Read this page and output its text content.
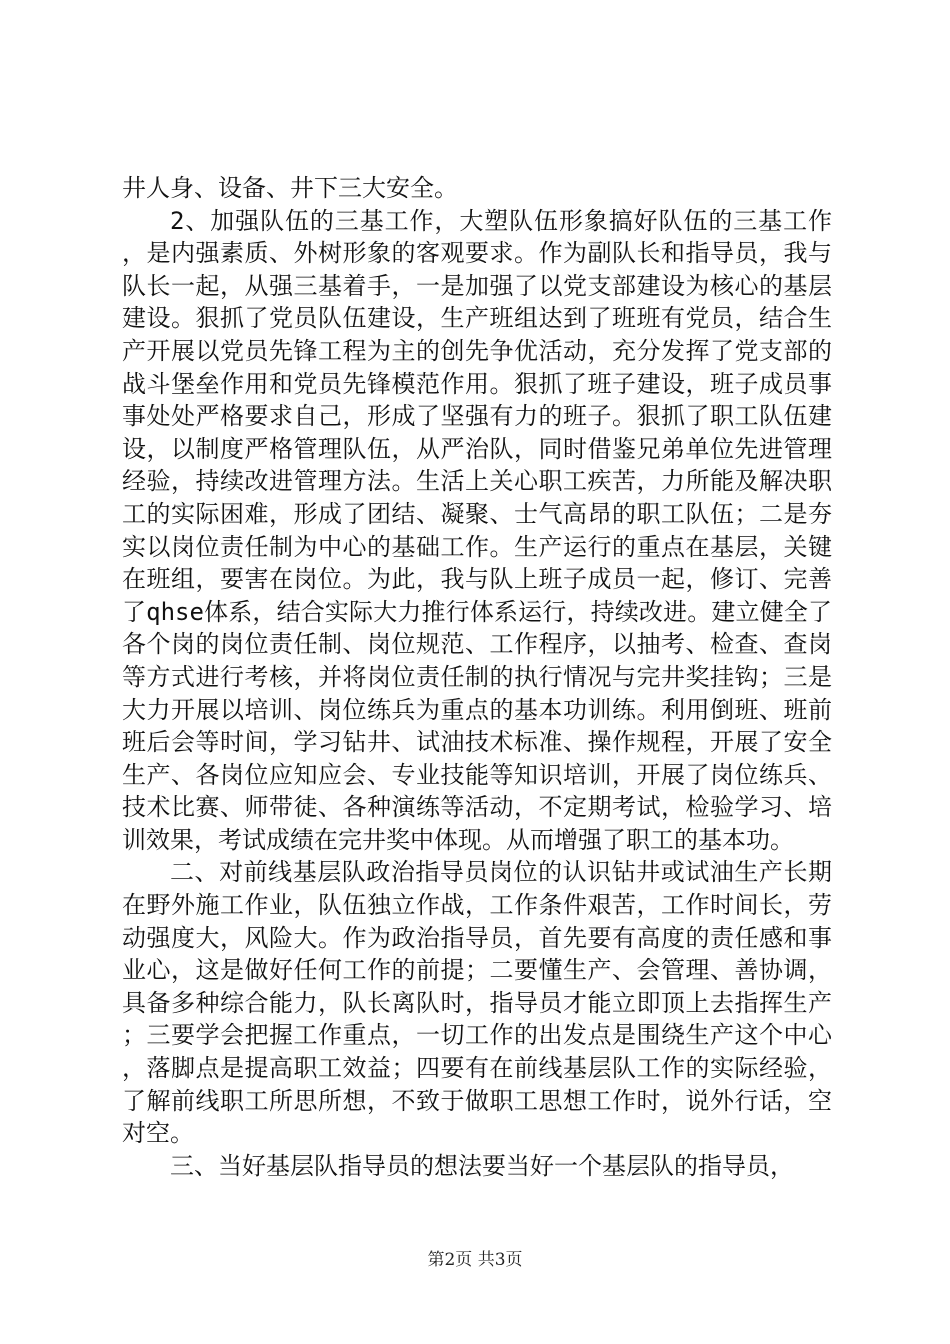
井人身、设备、井下三大安全。

2、加强队伍的三基工作，大塑队伍形象搞好队伍的三基工作，是内强素质、外树形象的客观要求。作为副队长和指导员，我与队长一起，从强三基着手，一是加强了以党支部建设为核心的基层建设。狠抓了党员队伍建设，生产班组达到了班班有党员，结合生产开展以党员先锋工程为主的创先争优活动，充分发挥了党支部的战斗堡垒作用和党员先锋模范作用。狠抓了班子建设，班子成员事事处处严格要求自己，形成了坚强有力的班子。狠抓了职工队伍建设，以制度严格管理队伍，从严治队，同时借鉴兄弟单位先进管理经验，持续改进管理方法。生活上关心职工疾苦，力所能及解决职工的实际困难，形成了团结、凝聚、士气高昂的职工队伍；二是夯实以岗位责任制为中心的基础工作。生产运行的重点在基层，关键在班组，要害在岗位。为此，我与队上班子成员一起，修订、完善了qhse体系，结合实际大力推行体系运行，持续改进。建立健全了各个岗的岗位责任制、岗位规范、工作程序，以抽考、检查、查岗等方式进行考核，并将岗位责任制的执行情况与完井奖挂钩；三是大力开展以培训、岗位练兵为重点的基本功训练。利用倒班、班前班后会等时间，学习钻井、试油技术标准、操作规程，开展了安全生产、各岗位应知应会、专业技能等知识培训，开展了岗位练兵、技术比赛、师带徒、各种演练等活动，不定期考试，检验学习、培训效果，考试成绩在完井奖中体现。从而增强了职工的基本功。

二、对前线基层队政治指导员岗位的认识钻井或试油生产长期在野外施工作业，队伍独立作战，工作条件艰苦，工作时间长，劳动强度大，风险大。作为政治指导员，首先要有高度的责任感和事业心，这是做好任何工作的前提；二要懂生产、会管理、善协调，具备多种综合能力，队长离队时，指导员才能立即顶上去指挥生产；三要学会把握工作重点，一切工作的出发点是围绕生产这个中心，落脚点是提高职工效益；四要有在前线基层队工作的实际经验，了解前线职工所思所想，不致于做职工思想工作时，说外行话，空对空。

三、当好基层队指导员的想法要当好一个基层队的指导员，

第2页 共3页
